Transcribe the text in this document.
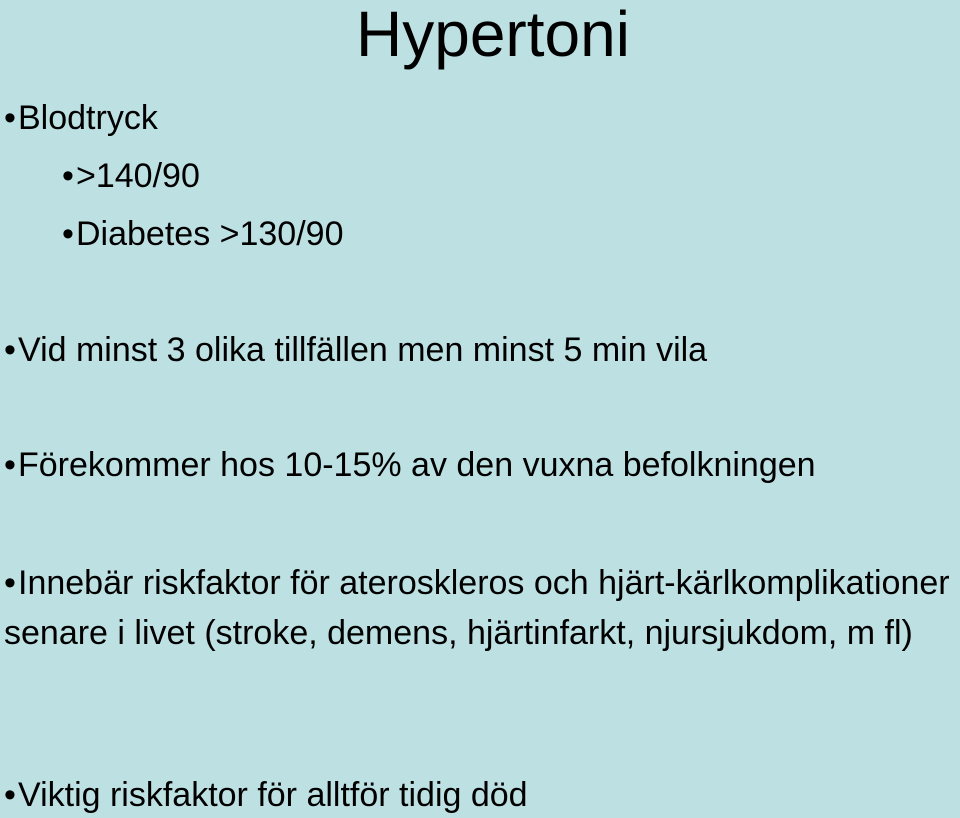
Hypertoni

•Blodtryck

•>140/90

•Diabetes >130/90

•Vid minst 3 olika tillfällen men minst 5 min vila

•Förekommer hos 10-15% av den vuxna befolkningen

•Innebär riskfaktor för ateroskleros och hjärt-kärlkomplikationer senare i livet (stroke, demens, hjärtinfarkt, njursjukdom, m fl)

•Viktig riskfaktor för alltför tidig död
